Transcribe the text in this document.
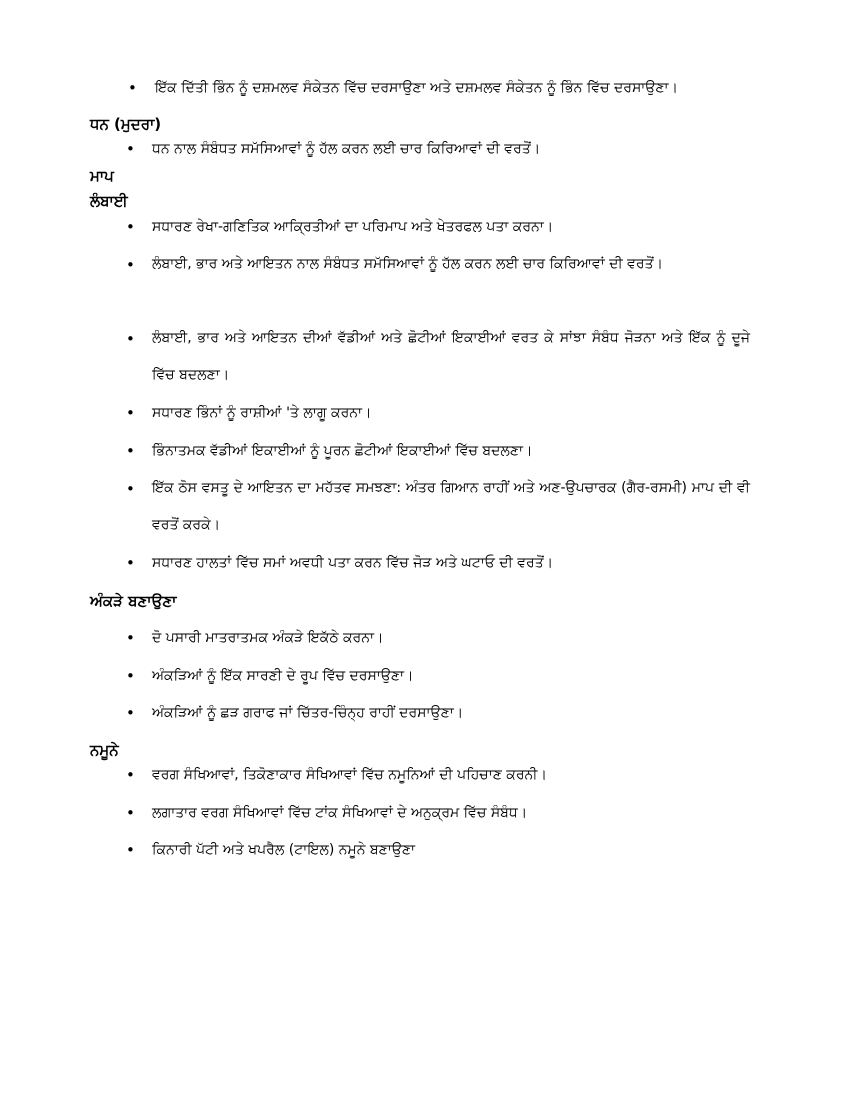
• ਇੱਕ ਦਿੱਤੀ ਭਿੰਨ ਨੂੰ ਦਸ਼ਮਲਵ ਸੰਕੇਤਨ ਵਿੱਚ ਦਰਸਾਉਣਾ ਅਤੇ ਦਸ਼ਮਲਵ ਸੰਕੇਤਨ ਨੂੰ ਭਿੰਨ ਵਿੱਚ ਦਰਸਾਉਣਾ।
ਧਨ (ਮੁਦਰਾ)
• ਧਨ ਨਾਲ ਸੰਬੰਧਤ ਸਮੱਸਿਆਵਾਂ ਨੂੰ ਹੱਲ ਕਰਨ ਲਈ ਚਾਰ ਕਿਰਿਆਵਾਂ ਦੀ ਵਰਤੋਂ।
ਮਾਪ
ਲੰਬਾਈ
• ਸਧਾਰਣ ਰੇਖਾ-ਗਣਿਤਿਕ ਆਕ੍ਰਿਤੀਆਂ ਦਾ ਪਰਿਮਾਪ ਅਤੇ ਖੇਤਰਫਲ ਪਤਾ ਕਰਨਾ।
• ਲੰਬਾਈ, ਭਾਰ ਅਤੇ ਆਇਤਨ ਨਾਲ ਸੰਬੰਧਤ ਸਮੱਸਿਆਵਾਂ ਨੂੰ ਹੱਲ ਕਰਨ ਲਈ ਚਾਰ ਕਿਰਿਆਵਾਂ ਦੀ ਵਰਤੋਂ।
• ਲੰਬਾਈ, ਭਾਰ ਅਤੇ ਆਇਤਨ ਦੀਆਂ ਵੱਡੀਆਂ ਅਤੇ ਛੋਟੀਆਂ ਇਕਾਈਆਂ ਵਰਤ ਕੇ ਸਾਂਝਾ ਸੰਬੰਧ ਜੋੜਨਾ ਅਤੇ ਇੱਕ ਨੂੰ ਦੂਜੇ ਵਿੱਚ ਬਦਲਣਾ।
• ਸਧਾਰਣ ਭਿੰਨਾਂ ਨੂੰ ਰਾਸ਼ੀਆਂ 'ਤੇ ਲਾਗੂ ਕਰਨਾ।
• ਭਿੰਨਾਤਮਕ ਵੱਡੀਆਂ ਇਕਾਈਆਂ ਨੂੰ ਪੂਰਨ ਛੋਟੀਆਂ ਇਕਾਈਆਂ ਵਿੱਚ ਬਦਲਣਾ।
• ਇੱਕ ਠੋਸ ਵਸਤੂ ਦੇ ਆਇਤਨ ਦਾ ਮਹੱਤਵ ਸਮਝਣਾ: ਅੰਤਰ ਗਿਆਨ ਰਾਹੀਂ ਅਤੇ ਅਣ-ਉਪਚਾਰਕ (ਗੈਰ-ਰਸਮੀ) ਮਾਪ ਦੀ ਵੀ ਵਰਤੋਂ ਕਰਕੇ।
• ਸਧਾਰਣ ਹਾਲਤਾਂ ਵਿੱਚ ਸਮਾਂ ਅਵਧੀ ਪਤਾ ਕਰਨ ਵਿੱਚ ਜੋੜ ਅਤੇ ਘਟਾਓ ਦੀ ਵਰਤੋਂ।
ਅੰਕੜੇ ਬਣਾਉਣਾ
• ਦੋ ਪਸਾਰੀ ਮਾਤਰਾਤਮਕ ਅੰਕੜੇ ਇਕੱਠੇ ਕਰਨਾ।
• ਅੰਕੜਿਆਂ ਨੂੰ ਇੱਕ ਸਾਰਣੀ ਦੇ ਰੂਪ ਵਿੱਚ ਦਰਸਾਉਣਾ।
• ਅੰਕੜਿਆਂ ਨੂੰ ਛੜ ਗਰਾਫ ਜਾਂ ਚਿੱਤਰ-ਚਿੰਨ੍ਹ ਰਾਹੀਂ ਦਰਸਾਉਣਾ।
ਨਮੂਨੇ
• ਵਰਗ ਸੰਖਿਆਵਾਂ, ਤਿਕੋਣਾਕਾਰ ਸੰਖਿਆਵਾਂ ਵਿੱਚ ਨਮੂਨਿਆਂ ਦੀ ਪਹਿਚਾਣ ਕਰਨੀ।
• ਲਗਾਤਾਰ ਵਰਗ ਸੰਖਿਆਵਾਂ ਵਿੱਚ ਟਾਂਕ ਸੰਖਿਆਵਾਂ ਦੇ ਅਨੁਕ੍ਰਮ ਵਿੱਚ ਸੰਬੰਧ।
• ਕਿਨਾਰੀ ਪੱਟੀ ਅਤੇ ਖਪਰੈਲ (ਟਾਇਲ) ਨਮੂਨੇ ਬਣਾਉਣਾ
